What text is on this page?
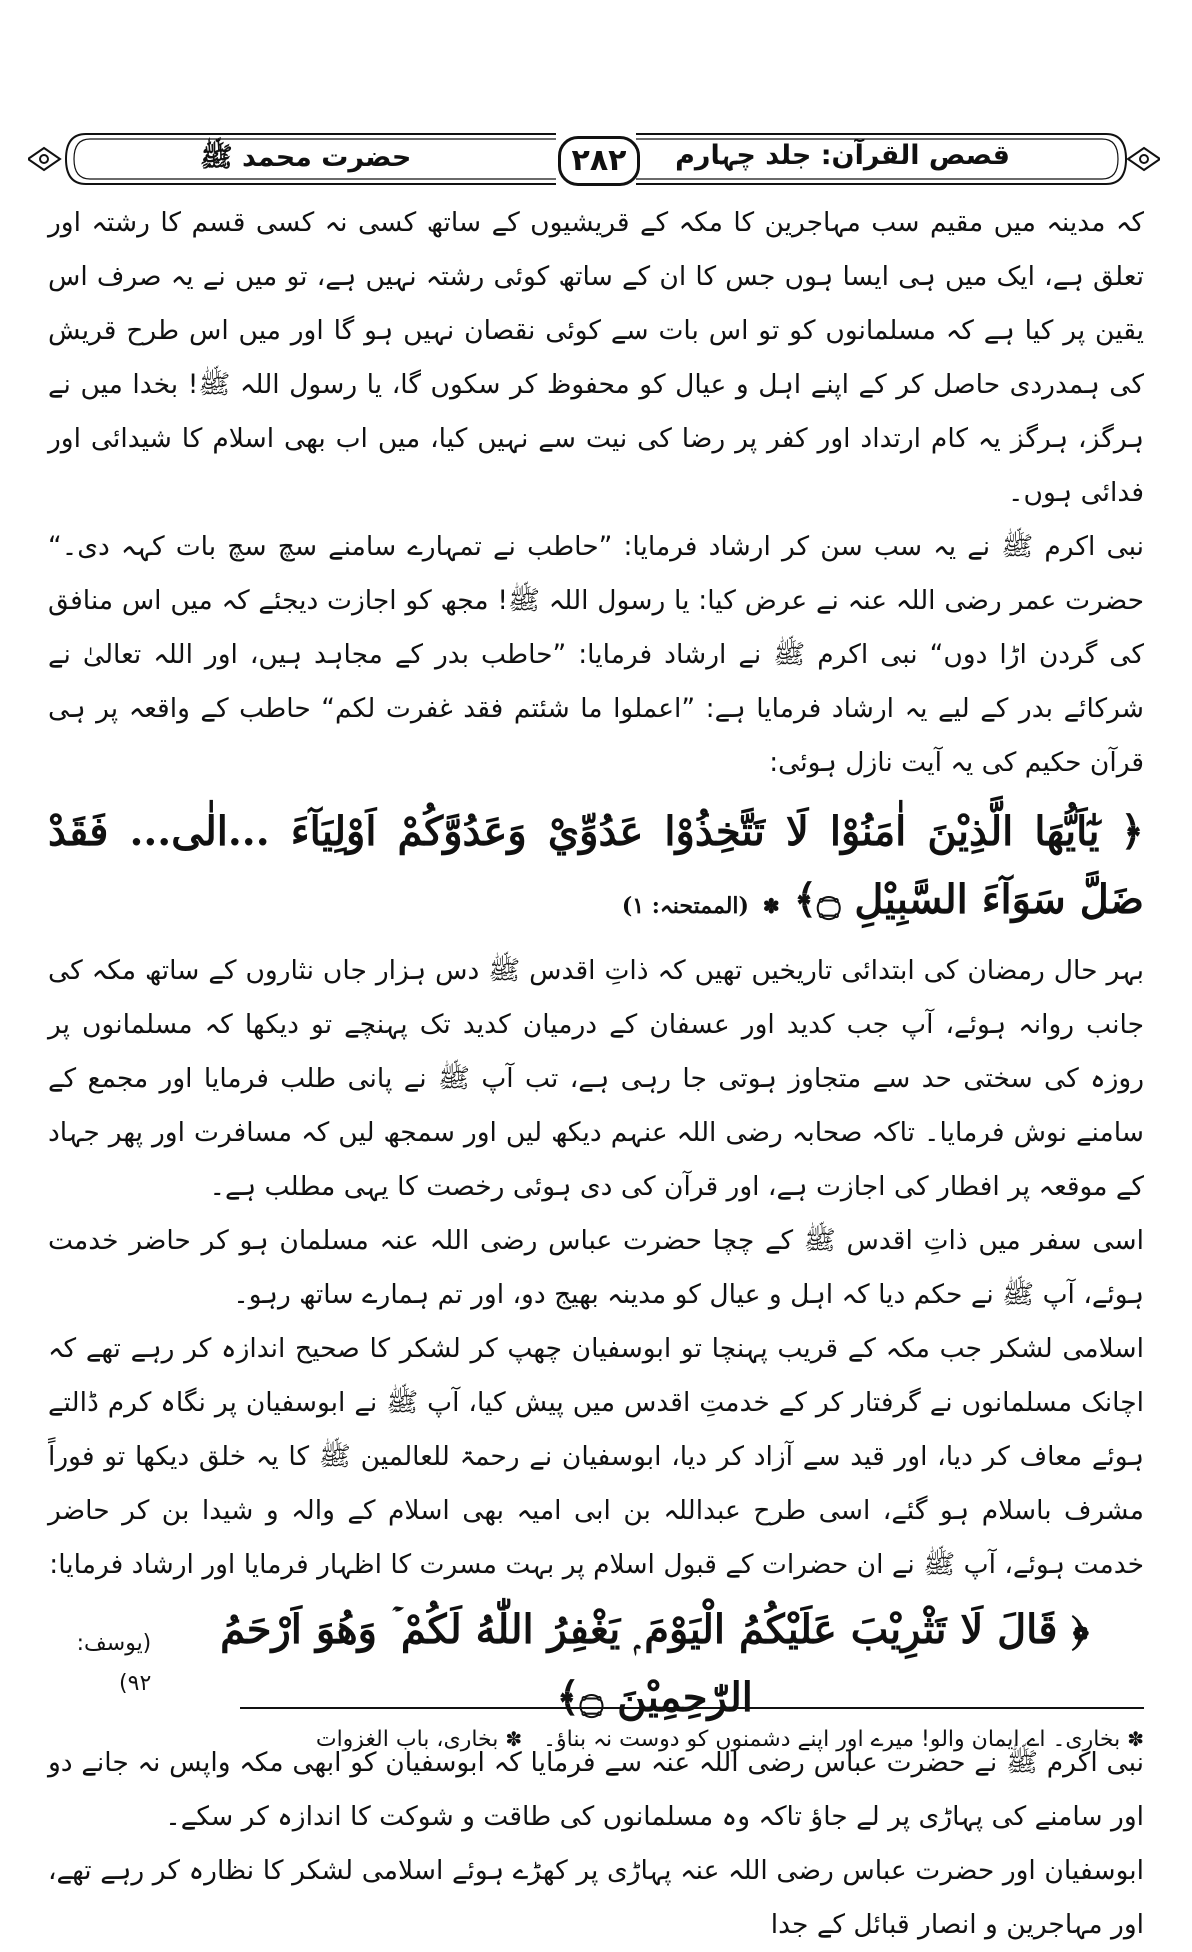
قصص القرآن: جلد چہارم
۲۸۲
حضرت محمد ﷺ

کہ مدینہ میں مقیم سب مہاجرین کا مکہ کے قریشیوں کے ساتھ کسی نہ کسی قسم کا رشتہ اور تعلق ہے، ایک میں ہی ایسا ہوں جس کا ان کے ساتھ کوئی رشتہ نہیں ہے، تو میں نے یہ صرف اس یقین پر کیا ہے کہ مسلمانوں کو تو اس بات سے کوئی نقصان نہیں ہو گا اور میں اس طرح قریش کی ہمدردی حاصل کر کے اپنے اہل و عیال کو محفوظ کر سکوں گا، یا رسول اللہ ﷺ! بخدا میں نے ہرگز، ہرگز یہ کام ارتداد اور کفر پر رضا کی نیت سے نہیں کیا، میں اب بھی اسلام کا شیدائی اور فدائی ہوں۔

نبی اکرم ﷺ نے یہ سب سن کر ارشاد فرمایا: ”حاطب نے تمہارے سامنے سچ سچ بات کہہ دی۔“ حضرت عمر رضی اللہ عنہ نے عرض کیا: یا رسول اللہ ﷺ! مجھ کو اجازت دیجئے کہ میں اس منافق کی گردن اڑا دوں“ نبی اکرم ﷺ نے ارشاد فرمایا: ”حاطب بدر کے مجاہد ہیں، اور اللہ تعالیٰ نے شرکائے بدر کے لیے یہ ارشاد فرمایا ہے: ”اعملوا ما شئتم فقد غفرت لکم“ حاطب کے واقعہ پر ہی قرآن حکیم کی یہ آیت نازل ہوئی:

﴿ يٰٓاَيُّهَا الَّذِيْنَ اٰمَنُوْا لَا تَتَّخِذُوْا عَدُوِّيْ وَعَدُوَّكُمْ اَوْلِيَآءَ ...الٰی... فَقَدْ ضَلَّ سَوَآءَ السَّبِيْلِ ۝﴾ ✽ (الممتحنہ: ۱)

بہر حال رمضان کی ابتدائی تاریخیں تھیں کہ ذاتِ اقدس ﷺ دس ہزار جاں نثاروں کے ساتھ مکہ کی جانب روانہ ہوئے، آپ جب کدید اور عسفان کے درمیان کدید تک پہنچے تو دیکھا کہ مسلمانوں پر روزہ کی سختی حد سے متجاوز ہوتی جا رہی ہے، تب آپ ﷺ نے پانی طلب فرمایا اور مجمع کے سامنے نوش فرمایا۔ تاکہ صحابہ رضی اللہ عنہم دیکھ لیں اور سمجھ لیں کہ مسافرت اور پھر جہاد کے موقعہ پر افطار کی اجازت ہے، اور قرآن کی دی ہوئی رخصت کا یہی مطلب ہے۔

اسی سفر میں ذاتِ اقدس ﷺ کے چچا حضرت عباس رضی اللہ عنہ مسلمان ہو کر حاضر خدمت ہوئے، آپ ﷺ نے حکم دیا کہ اہل و عیال کو مدینہ بھیج دو، اور تم ہمارے ساتھ رہو۔

اسلامی لشکر جب مکہ کے قریب پہنچا تو ابوسفیان چھپ کر لشکر کا صحیح اندازہ کر رہے تھے کہ اچانک مسلمانوں نے گرفتار کر کے خدمتِ اقدس میں پیش کیا، آپ ﷺ نے ابوسفیان پر نگاہ کرم ڈالتے ہوئے معاف کر دیا، اور قید سے آزاد کر دیا، ابوسفیان نے رحمۃ للعالمین ﷺ کا یہ خلق دیکھا تو فوراً مشرف باسلام ہو گئے، اسی طرح عبداللہ بن ابی امیہ بھی اسلام کے والہ و شیدا بن کر حاضر خدمت ہوئے، آپ ﷺ نے ان حضرات کے قبول اسلام پر بہت مسرت کا اظہار فرمایا اور ارشاد فرمایا:

﴿ قَالَ لَا تَثْرِيْبَ عَلَيْكُمُ الْيَوْمَ ۭ يَغْفِرُ اللّٰهُ لَكُمْ ۡ وَهُوَ اَرْحَمُ الرّٰحِمِيْنَ ۝﴾

(یوسف: ۹۲)

نبی اکرم ﷺ نے حضرت عباس رضی اللہ عنہ سے فرمایا کہ ابوسفیان کو ابھی مکہ واپس نہ جانے دو اور سامنے کی پہاڑی پر لے جاؤ تاکہ وہ مسلمانوں کی طاقت و شوکت کا اندازہ کر سکے۔

ابوسفیان اور حضرت عباس رضی اللہ عنہ پہاڑی پر کھڑے ہوئے اسلامی لشکر کا نظارہ کر رہے تھے، اور مہاجرین و انصار قبائل کے جدا

✽ بخاری۔ اے ایمان والو! میرے اور اپنے دشمنوں کو دوست نہ بناؤ۔   ✽ بخاری، باب الغزوات
